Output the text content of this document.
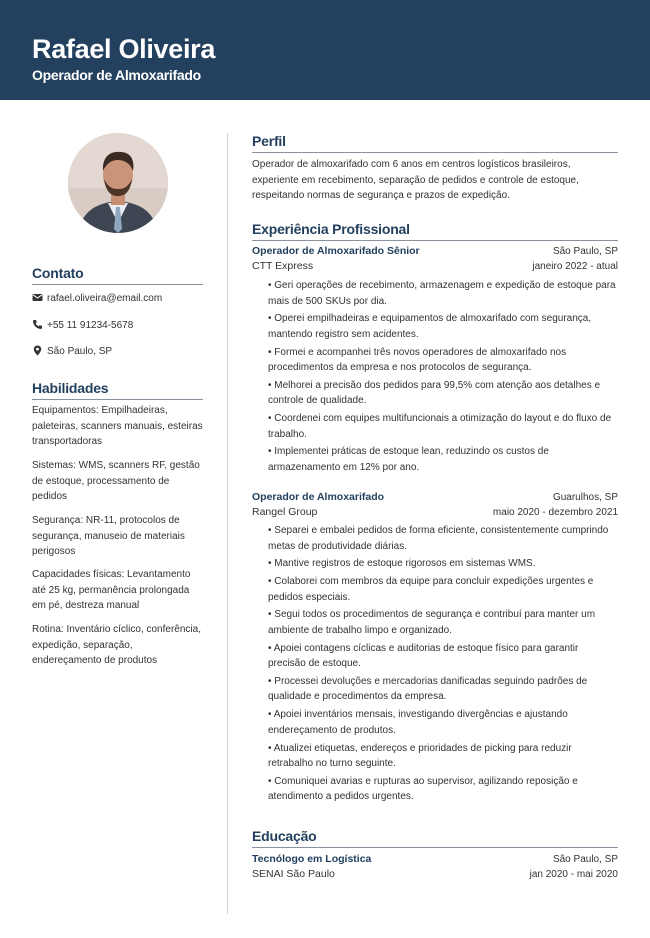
Rafael Oliveira
Operador de Almoxarifado
Contato
rafael.oliveira@email.com
+55 11 91234-5678
São Paulo, SP
Habilidades
Equipamentos: Empilhadeiras, paleteiras, scanners manuais, esteiras transportadoras
Sistemas: WMS, scanners RF, gestão de estoque, processamento de pedidos
Segurança: NR-11, protocolos de segurança, manuseio de materiais perigosos
Capacidades físicas: Levantamento até 25 kg, permanência prolongada em pé, destreza manual
Rotina: Inventário cíclico, conferência, expedição, separação, endereçamento de produtos
Perfil
Operador de almoxarifado com 6 anos em centros logísticos brasileiros, experiente em recebimento, separação de pedidos e controle de estoque, respeitando normas de segurança e prazos de expedição.
Experiência Profissional
Operador de Almoxarifado Sênior	São Paulo, SP
CTT Express	janeiro 2022 - atual
• Geri operações de recebimento, armazenagem e expedição de estoque para mais de 500 SKUs por dia.
• Operei empilhadeiras e equipamentos de almoxarifado com segurança, mantendo registro sem acidentes.
• Formei e acompanhei três novos operadores de almoxarifado nos procedimentos da empresa e nos protocolos de segurança.
• Melhorei a precisão dos pedidos para 99,5% com atenção aos detalhes e controle de qualidade.
• Coordenei com equipes multifuncionais a otimização do layout e do fluxo de trabalho.
• Implementei práticas de estoque lean, reduzindo os custos de armazenamento em 12% por ano.
Operador de Almoxarifado	Guarulhos, SP
Rangel Group	maio 2020 - dezembro 2021
• Separei e embalei pedidos de forma eficiente, consistentemente cumprindo metas de produtividade diárias.
• Mantive registros de estoque rigorosos em sistemas WMS.
• Colaborei com membros da equipe para concluir expedições urgentes e pedidos especiais.
• Segui todos os procedimentos de segurança e contribuí para manter um ambiente de trabalho limpo e organizado.
• Apoiei contagens cíclicas e auditorias de estoque físico para garantir precisão de estoque.
• Processei devoluções e mercadorias danificadas seguindo padrões de qualidade e procedimentos da empresa.
• Apoiei inventários mensais, investigando divergências e ajustando endereçamento de produtos.
• Atualizei etiquetas, endereços e prioridades de picking para reduzir retrabalho no turno seguinte.
• Comuniquei avarias e rupturas ao supervisor, agilizando reposição e atendimento a pedidos urgentes.
Educação
Tecnólogo em Logística	São Paulo, SP
SENAI São Paulo	jan 2020 - mai 2020
